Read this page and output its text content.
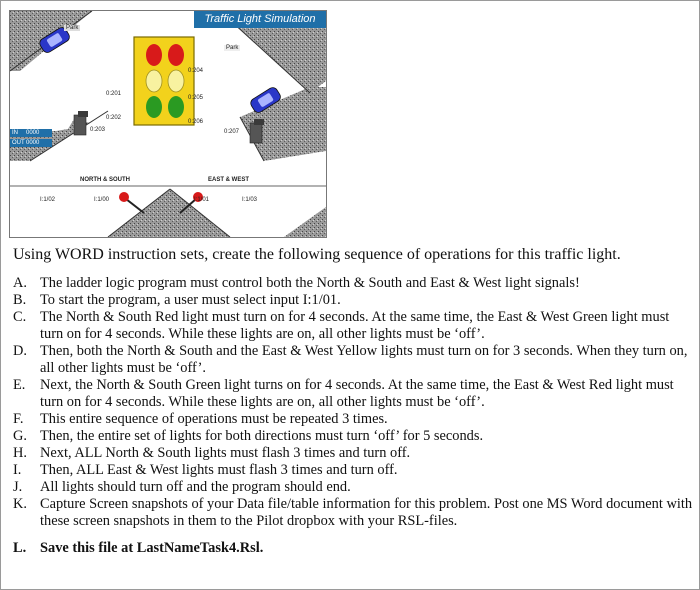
Traffic Light Simulation
Park
Park
0:204
0:205
0:206
0:201
0:202
0:203	0:207
IN 0000
OUT 0000
NORTH & SOUTH	EAST & WEST
I:1/02	I:1/00	I:1/01	I:1/03
Using WORD instruction sets, create the following sequence of operations for this traffic light.
A. The ladder logic program must control both the North & South and East & West light signals!
B. To start the program, a user must select input I:1/01.
C. The North & South Red light must turn on for 4 seconds. At the same time, the East & West Green light must turn on for 4 seconds. While these lights are on, all other lights must be ‘off’.
D. Then, both the North & South and the East & West Yellow lights must turn on for 3 seconds. When they turn on, all other lights must be ‘off’.
E. Next, the North & South Green light turns on for 4 seconds. At the same time, the East & West Red light must turn on for 4 seconds. While these lights are on, all other lights must be ‘off’.
F. This entire sequence of operations must be repeated 3 times.
G. Then, the entire set of lights for both directions must turn ‘off’ for 5 seconds.
H. Next, ALL North & South lights must flash 3 times and turn off.
I. Then, ALL East & West lights must flash 3 times and turn off.
J. All lights should turn off and the program should end.
K. Capture Screen snapshots of your Data file/table information for this problem. Post one MS Word document with these screen snapshots in them to the Pilot dropbox with your RSL-files.
L. Save this file at LastNameTask4.Rsl.
